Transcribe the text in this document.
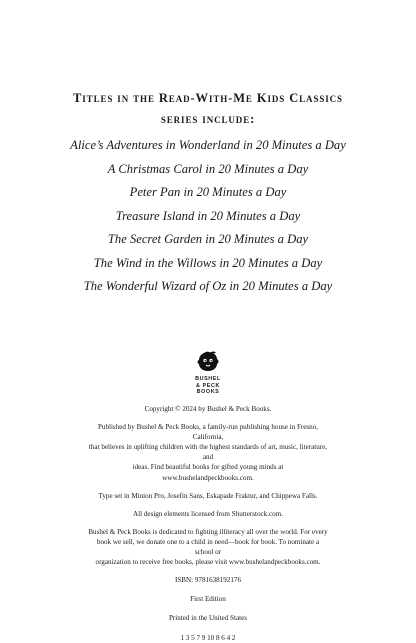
Titles in the Read-With-Me Kids Classics
series include:
Alice’s Adventures in Wonderland in 20 Minutes a Day
A Christmas Carol in 20 Minutes a Day
Peter Pan in 20 Minutes a Day
Treasure Island in 20 Minutes a Day
The Secret Garden in 20 Minutes a Day
The Wind in the Willows in 20 Minutes a Day
The Wonderful Wizard of Oz in 20 Minutes a Day
BUSHEL
& PECK
BOOKS

Copyright © 2024 by Bushel & Peck Books.

Published by Bushel & Peck Books, a family-run publishing house in Fresno, California,

that believes in uplifting children with the highest standards of art, music, literature, and

ideas. Find beautiful books for gifted young minds at www.bushelandpeckbooks.com.

Type set in Minion Pro, Josefin Sans, Eskapade Fraktur, and Chippewa Falls.

All design elements licensed from Shutterstock.com.

Bushel & Peck Books is dedicated to fighting illiteracy all over the world. For every

book we sell, we donate one to a child in need—book for book. To nominate a school or

organization to receive free books, please visit www.bushelandpeckbooks.com.

ISBN: 9781638192176

First Edition

Printed in the United States

1 3 5 7 9 10 8 6 4 2
